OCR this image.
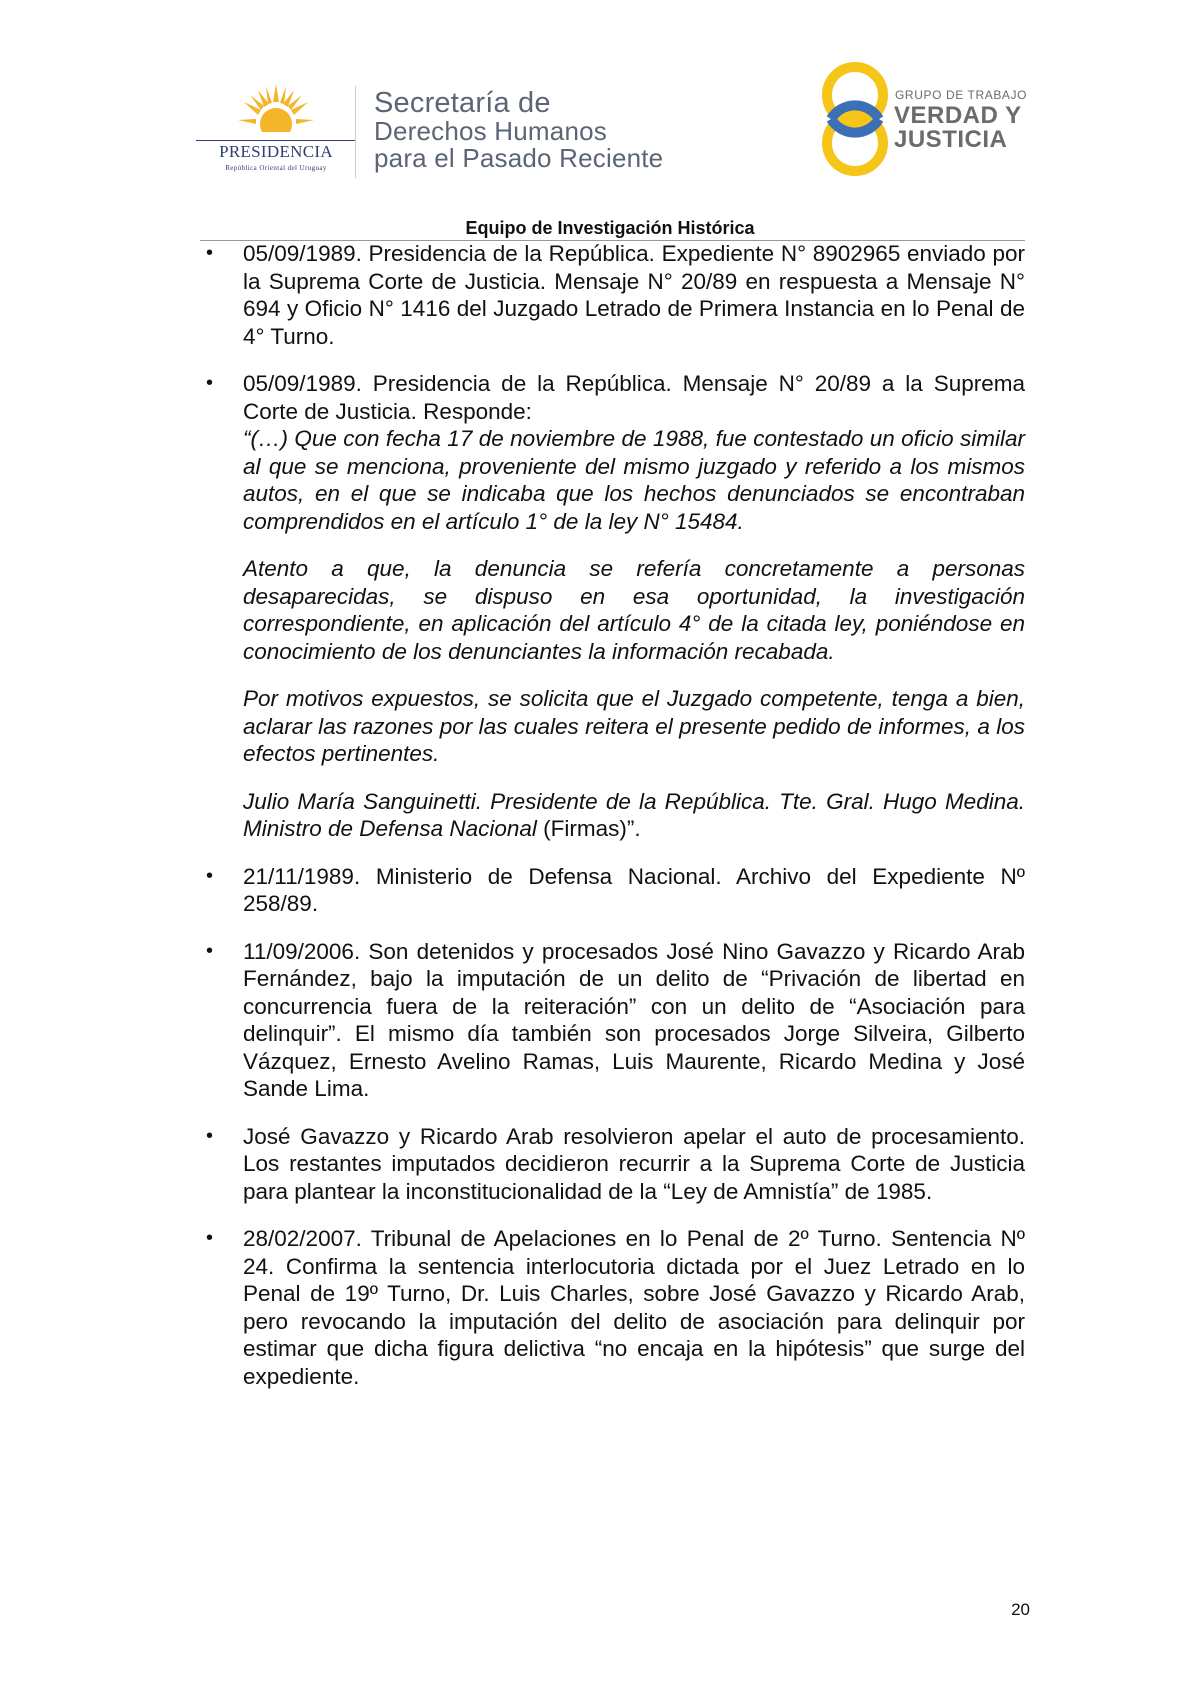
PRESIDENCIA
República Oriental del Uruguay
Secretaría de
Derechos Humanos
para el Pasado Reciente
GRUPO DE TRABAJO
VERDAD Y
JUSTICIA
Equipo de Investigación Histórica
• 05/09/1989. Presidencia de la República. Expediente N° 8902965 enviado por la Suprema Corte de Justicia. Mensaje N° 20/89 en respuesta a Mensaje N° 694 y Oficio N° 1416 del Juzgado Letrado de Primera Instancia en lo Penal de 4° Turno.

• 05/09/1989. Presidencia de la República. Mensaje N° 20/89 a la Suprema Corte de Justicia. Responde:

“(…) Que con fecha 17 de noviembre de 1988, fue contestado un oficio similar al que se menciona, proveniente del mismo juzgado y referido a los mismos autos, en el que se indicaba que los hechos denunciados se encontraban comprendidos en el artículo 1° de la ley N° 15484.

Atento a que, la denuncia se refería concretamente a personas desaparecidas, se dispuso en esa oportunidad, la investigación correspondiente, en aplicación del artículo 4° de la citada ley, poniéndose en conocimiento de los denunciantes la información recabada.

Por motivos expuestos, se solicita que el Juzgado competente, tenga a bien, aclarar las razones por las cuales reitera el presente pedido de informes, a los efectos pertinentes.

Julio María Sanguinetti. Presidente de la República. Tte. Gral. Hugo Medina. Ministro de Defensa Nacional (Firmas)”.

• 21/11/1989. Ministerio de Defensa Nacional. Archivo del Expediente Nº 258/89.

• 11/09/2006. Son detenidos y procesados José Nino Gavazzo y Ricardo Arab Fernández, bajo la imputación de un delito de “Privación de libertad en concurrencia fuera de la reiteración” con un delito de “Asociación para delinquir”. El mismo día también son procesados Jorge Silveira, Gilberto Vázquez, Ernesto Avelino Ramas, Luis Maurente, Ricardo Medina y José Sande Lima.

• José Gavazzo y Ricardo Arab resolvieron apelar el auto de procesamiento. Los restantes imputados decidieron recurrir a la Suprema Corte de Justicia para plantear la inconstitucionalidad de la “Ley de Amnistía” de 1985.

• 28/02/2007. Tribunal de Apelaciones en lo Penal de 2º Turno. Sentencia Nº 24. Confirma la sentencia interlocutoria dictada por el Juez Letrado en lo Penal de 19º Turno, Dr. Luis Charles, sobre José Gavazzo y Ricardo Arab, pero revocando la imputación del delito de asociación para delinquir por estimar que dicha figura delictiva “no encaja en la hipótesis” que surge del expediente.

20
